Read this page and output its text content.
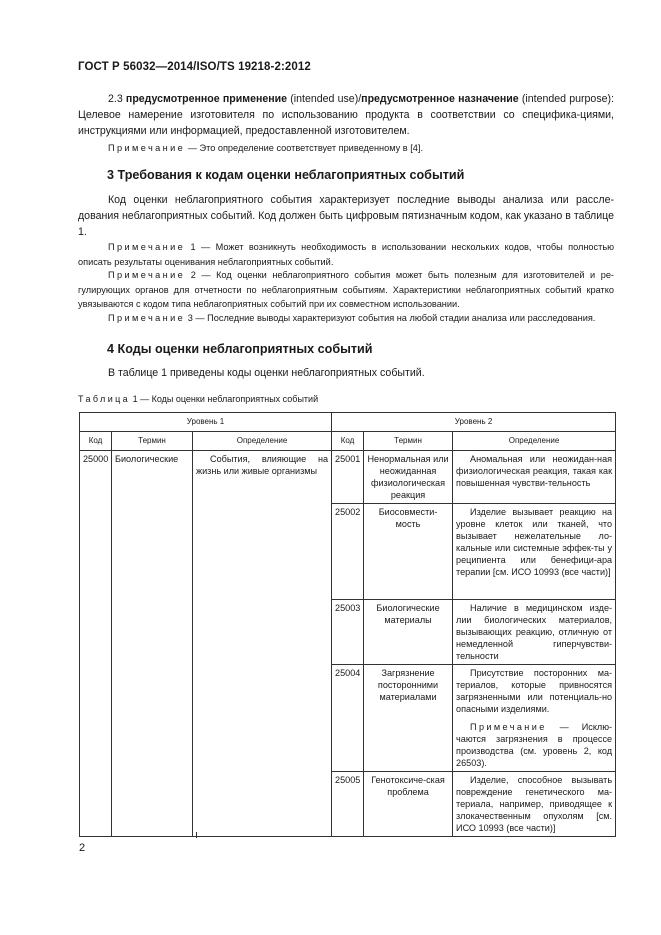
ГОСТ Р 56032—2014/ISO/TS 19218-2:2012
2.3 предусмотренное применение (intended use)/предусмотренное назначение (intended purpose): Целевое намерение изготовителя по использованию продукта в соответствии со специфика-циями, инструкциями или информацией, предоставленной изготовителем.
Примечание — Это определение соответствует приведенному в [4].
3 Требования к кодам оценки неблагоприятных событий
Код оценки неблагоприятного события характеризует последние выводы анализа или рассле-дования неблагоприятных событий. Код должен быть цифровым пятизначным кодом, как указано в таблице 1.
Примечание 1 — Может возникнуть необходимость в использовании нескольких кодов, чтобы полностью описать результаты оценивания неблагоприятных событий.
Примечание 2 — Код оценки неблагоприятного события может быть полезным для изготовителей и ре-гулирующих органов для отчетности по неблагоприятным событиям. Характеристики неблагоприятных событий кратко увязываются с кодом типа неблагоприятных событий при их совместном использовании.
Примечание 3 — Последние выводы характеризуют события на любой стадии анализа или расследования.
4 Коды оценки неблагоприятных событий
В таблице 1 приведены коды оценки неблагоприятных событий.
Таблица 1 — Коды оценки неблагоприятных событий
Уровень 1			Уровень 2		
Код	Термин	Определение	Код	Термин	Определение
25000	Биологические	События, влияющие на жизнь или живые организмы	25001	Ненормальная или неожиданная физиологическая реакция	Аномальная или неожидан-ная физиологическая реакция, такая как повышенная чувстви-тельность

			25002	Биосовмести-мость	Изделие вызывает реакцию на уровне клеток или тканей, что вызывает нежелательные ло-кальные или системные эффек-ты у реципиента или бенефици-ара терапии [см. ИСО 10993 (все части)]

			25003	Биологические материалы	Наличие в медицинском изде-лии биологических материалов, вызывающих реакцию, отличную от немедленной гиперчувстви-тельности

			25004	Загрязнение посторонними материалами	Присутствие посторонних ма-териалов, которые привносятся загрязненными или потенциаль-но опасными изделиями.

Примечание — Исклю-чаются загрязнения в процессе производства (см. уровень 2, код 26503).

			25005	Генотоксиче-ская проблема	Изделие, способное вызывать повреждение генетического ма-териала, например, приводящее к злокачественным опухолям [см. ИСО 10993 (все части)]

2
